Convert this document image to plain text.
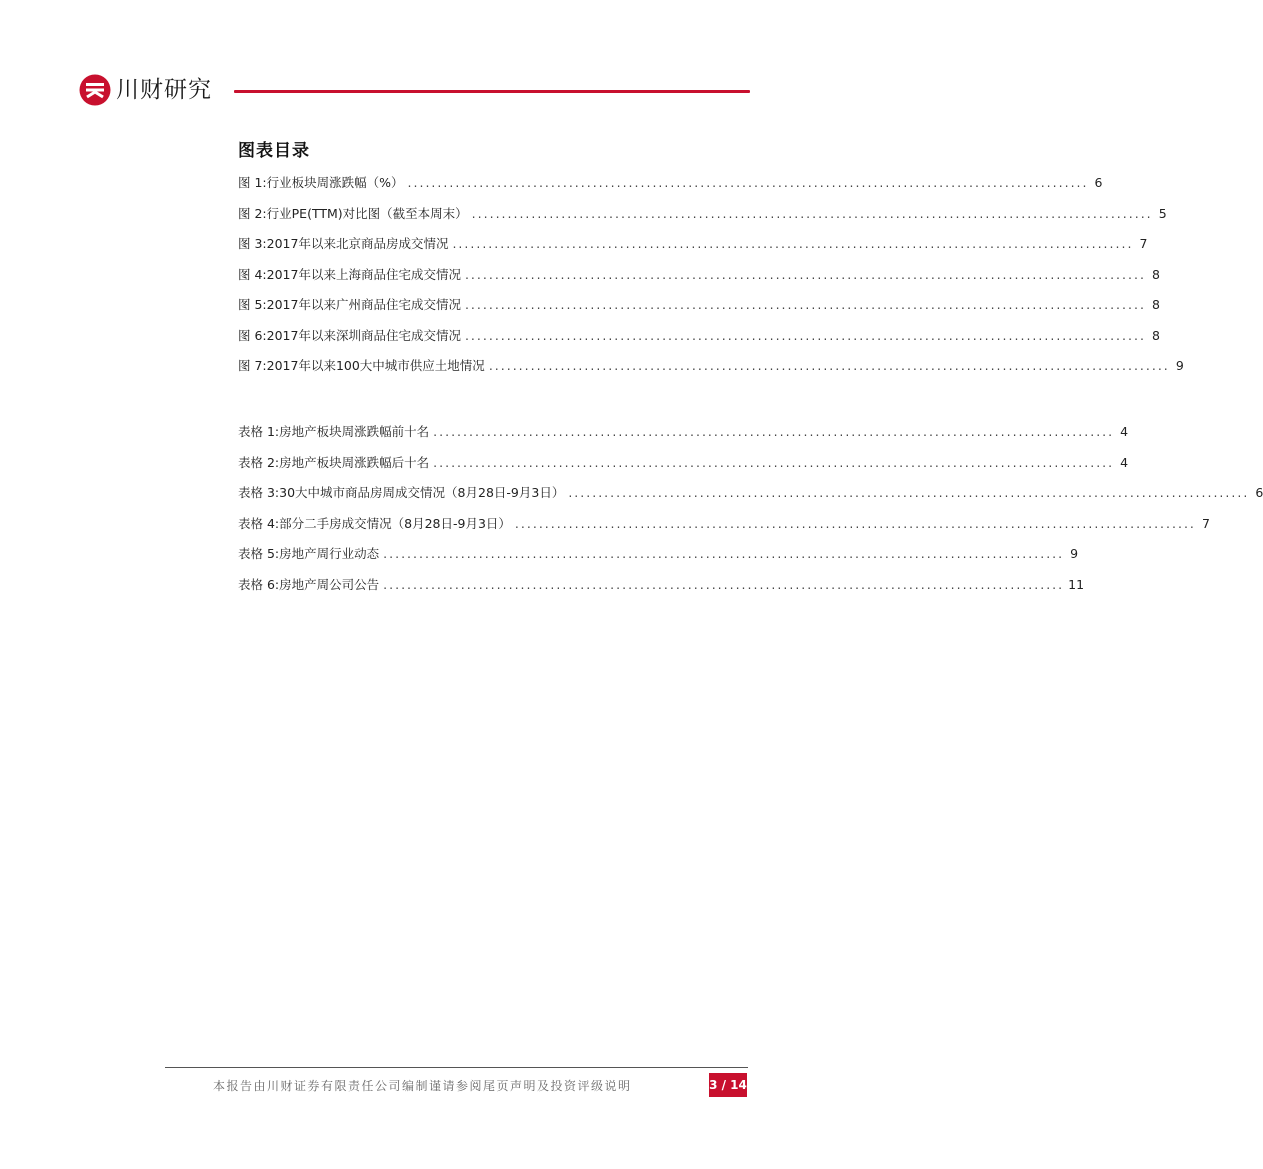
川财研究
图表目录
图 1: 行业板块周涨跌幅（%） .................................................................................................................. 6
图 2: 行业PE(TTM)对比图（截至本周末） .................................................................................................................. 5
图 3: 2017年以来北京商品房成交情况 .................................................................................................................. 7
图 4: 2017年以来上海商品住宅成交情况 .................................................................................................................. 8
图 5: 2017年以来广州商品住宅成交情况 .................................................................................................................. 8
图 6: 2017年以来深圳商品住宅成交情况 .................................................................................................................. 8
图 7: 2017年以来100大中城市供应土地情况 .................................................................................................................. 9
表格 1: 房地产板块周涨跌幅前十名 .................................................................................................................. 4
表格 2: 房地产板块周涨跌幅后十名 .................................................................................................................. 4
表格 3: 30大中城市商品房周成交情况（8月28日-9月3日） .................................................................................................................. 6
表格 4: 部分二手房成交情况（8月28日-9月3日） .................................................................................................................. 7
表格 5: 房地产周行业动态 .................................................................................................................. 9
表格 6: 房地产周公司公告 .................................................................................................................. 11
本报告由川财证券有限责任公司编制谨请参阅尾页声明及投资评级说明	3 / 14
